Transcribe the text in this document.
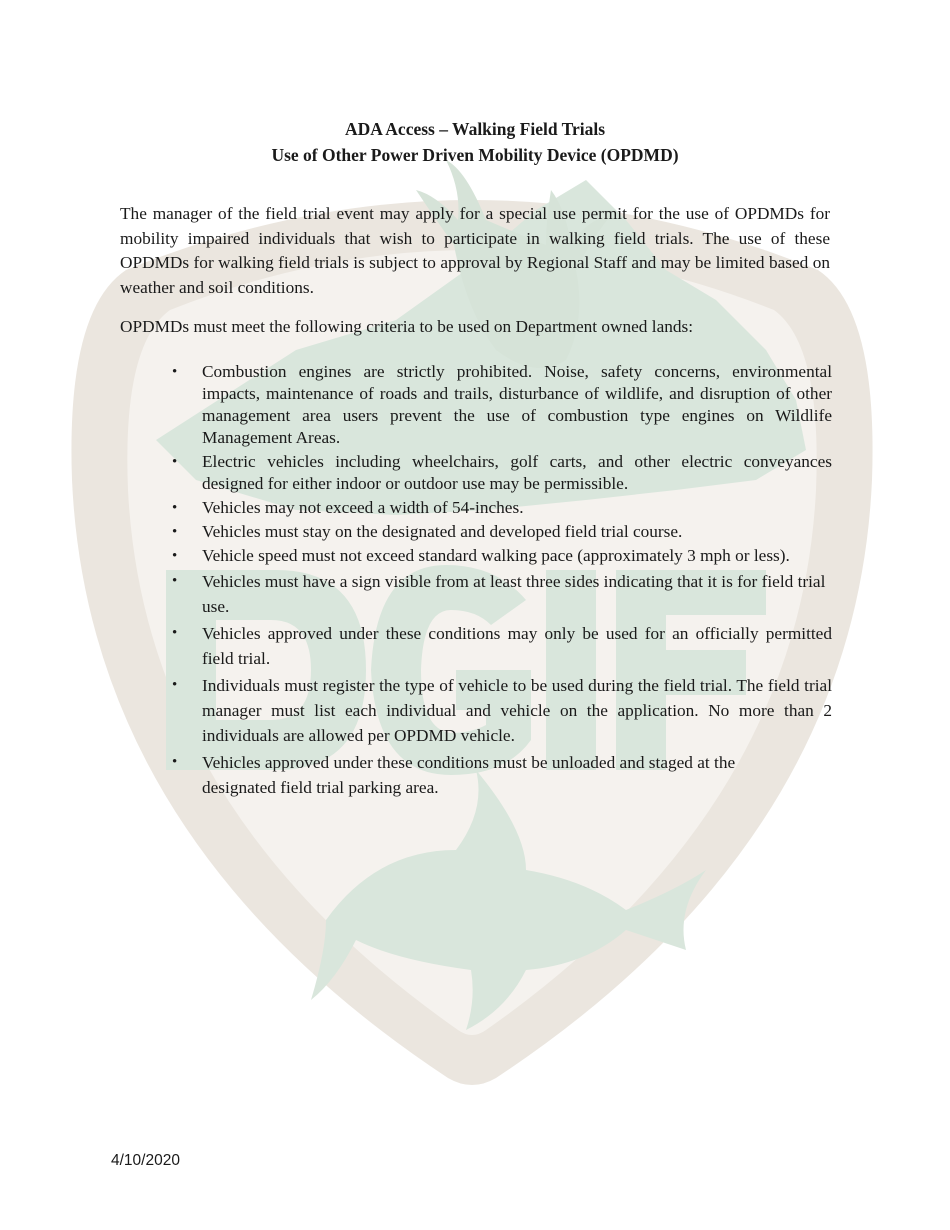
ADA Access – Walking Field Trials
Use of Other Power Driven Mobility Device (OPDMD)

The manager of the field trial event may apply for a special use permit for the use of OPDMDs for mobility impaired individuals that wish to participate in walking field trials. The use of these OPDMDs for walking field trials is subject to approval by Regional Staff and may be limited based on weather and soil conditions.

OPDMDs must meet the following criteria to be used on Department owned lands:

• Combustion engines are strictly prohibited. Noise, safety concerns, environmental impacts, maintenance of roads and trails, disturbance of wildlife, and disruption of other management area users prevent the use of combustion type engines on Wildlife Management Areas.
• Electric vehicles including wheelchairs, golf carts, and other electric conveyances designed for either indoor or outdoor use may be permissible.
• Vehicles may not exceed a width of 54-inches.
• Vehicles must stay on the designated and developed field trial course.
• Vehicle speed must not exceed standard walking pace (approximately 3 mph or less).
• Vehicles must have a sign visible from at least three sides indicating that it is for field trial use.
• Vehicles approved under these conditions may only be used for an officially permitted field trial.
• Individuals must register the type of vehicle to be used during the field trial. The field trial manager must list each individual and vehicle on the application. No more than 2 individuals are allowed per OPDMD vehicle.
• Vehicles approved under these conditions must be unloaded and staged at the designated field trial parking area.

4/10/2020
